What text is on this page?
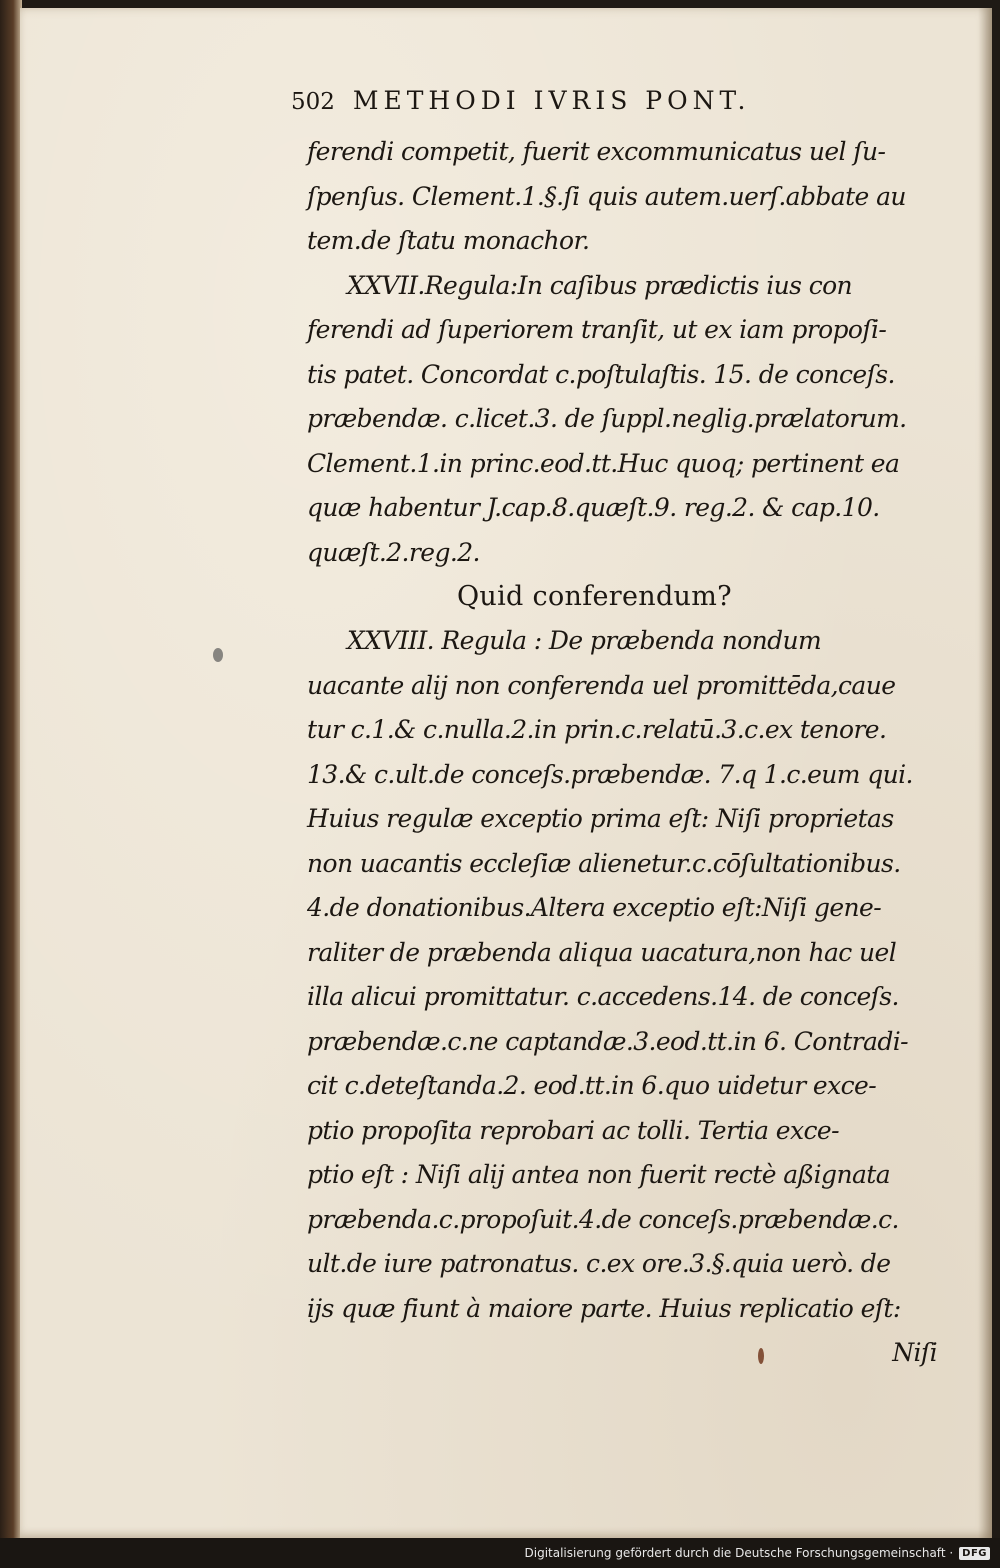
502 METHODI IVRIS PONT.
ferendi competit, fuerit excommunicatus uel ſu-
ſpenſus. Clement.1.§.ſi quis autem.uerſ.abbate au
tem.de ſtatu monachor.
XXVII.Regula:In caſibus prædictis ius con
ferendi ad ſuperiorem tranſit, ut ex iam propoſi-
tis patet. Concordat c.poſtulaſtis. 15. de conceſs.
præbendæ. c.licet.3. de ſuppl.neglig.prælatorum.
Clement.1.in princ.eod.tt.Huc quoq; pertinent ea
quæ habentur J.cap.8.quæſt.9. reg.2. & cap.10.
quæſt.2.reg.2.
Quid conferendum?
XXVIII. Regula : De præbenda nondum
uacante alij non conferenda uel promittēda,caue
tur c.1.& c.nulla.2.in prin.c.relatū.3.c.ex tenore.
13.& c.ult.de conceſs.præbendæ. 7.q 1.c.eum qui.
Huius regulæ exceptio prima eſt: Niſi proprietas
non uacantis eccleſiæ alienetur.c.cōſultationibus.
4.de donationibus.Altera exceptio eſt:Niſi gene-
raliter de præbenda aliqua uacatura,non hac uel
illa alicui promittatur. c.accedens.14. de conceſs.
præbendæ.c.ne captandæ.3.eod.tt.in 6. Contradi-
cit c.deteſtanda.2. eod.tt.in 6.quo uidetur exce-
ptio propoſita reprobari ac tolli. Tertia exce-
ptio eſt : Niſi alij antea non fuerit rectè aßignata
præbenda.c.propoſuit.4.de conceſs.præbendæ.c.
ult.de iure patronatus. c.ex ore.3.§.quia uerò. de
ijs quæ fiunt à maiore parte. Huius replicatio eſt:
Niſi
Digitalisierung gefördert durch die Deutsche Forschungsgemeinschaft · DFG
